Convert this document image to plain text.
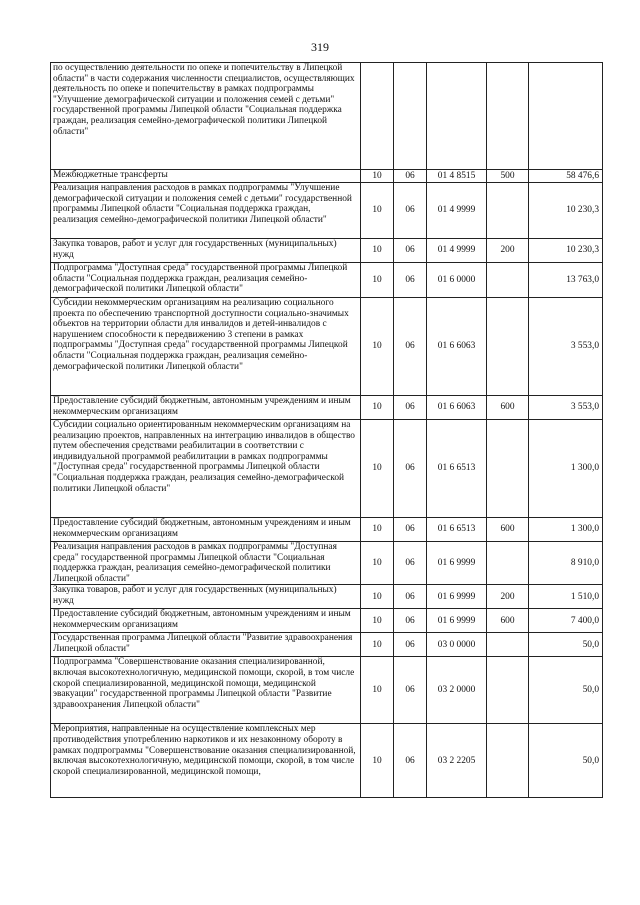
319
по осуществлению деятельности по опеке и попечительству в Липецкой области" в части содержания численности специалистов, осуществляющих деятельность по опеке и попечительству в рамках подпрограммы "Улучшение демографической ситуации и положения семей с детьми" государственной программы Липецкой области "Социальная поддержка граждан, реализация семейно-демографической политики Липецкой области"					
Межбюджетные трансферты	10	06	01 4 8515	500	58 476,6
Реализация направления расходов в рамках подпрограммы "Улучшение демографической ситуации и положения семей с детьми" государственной программы Липецкой области "Социальная поддержка граждан, реализация семейно-демографической политики Липецкой области"	10	06	01 4 9999		10 230,3
Закупка товаров, работ и услуг для государственных (муниципальных) нужд	10	06	01 4 9999	200	10 230,3
Подпрограмма "Доступная среда" государственной программы Липецкой области "Социальная поддержка граждан, реализация семейно-демографической политики Липецкой области"	10	06	01 6 0000		13 763,0
Субсидии некоммерческим организациям на реализацию социального проекта по обеспечению транспортной доступности социально-значимых объектов на территории области для инвалидов и детей-инвалидов с нарушением способности к передвижению 3 степени в рамках подпрограммы "Доступная среда" государственной программы Липецкой области "Социальная поддержка граждан, реализация семейно-демографической политики Липецкой области"	10	06	01 6 6063		3 553,0
Предоставление субсидий бюджетным, автономным учреждениям и иным некоммерческим организациям	10	06	01 6 6063	600	3 553,0
Субсидии социально ориентированным некоммерческим организациям на реализацию проектов, направленных на интеграцию инвалидов в общество путем обеспечения средствами реабилитации в соответствии с индивидуальной программой реабилитации в рамках подпрограммы "Доступная среда" государственной программы Липецкой области "Социальная поддержка граждан, реализация семейно-демографической политики Липецкой области"	10	06	01 6 6513		1 300,0
Предоставление субсидий бюджетным, автономным учреждениям и иным некоммерческим организациям	10	06	01 6 6513	600	1 300,0
Реализация направления расходов в рамках подпрограммы "Доступная среда" государственной программы Липецкой области "Социальная поддержка граждан, реализация семейно-демографической политики Липецкой области"	10	06	01 6 9999		8 910,0
Закупка товаров, работ и услуг для государственных (муниципальных) нужд	10	06	01 6 9999	200	1 510,0
Предоставление субсидий бюджетным, автономным учреждениям и иным некоммерческим организациям	10	06	01 6 9999	600	7 400,0
Государственная программа Липецкой области "Развитие здравоохранения Липецкой области"	10	06	03 0 0000		50,0
Подпрограмма "Совершенствование оказания специализированной, включая высокотехнологичную, медицинской помощи, скорой, в том числе скорой специализированной, медицинской помощи, медицинской эвакуации" государственной программы Липецкой области "Развитие здравоохранения Липецкой области"	10	06	03 2 0000		50,0
Мероприятия, направленные на осуществление комплексных мер противодействия употреблению наркотиков и их незаконному обороту в рамках подпрограммы "Совершенствование оказания специализированной, включая высокотехнологичную, медицинской помощи, скорой, в том числе скорой специализированной, медицинской помощи,	10	06	03 2 2205		50,0
